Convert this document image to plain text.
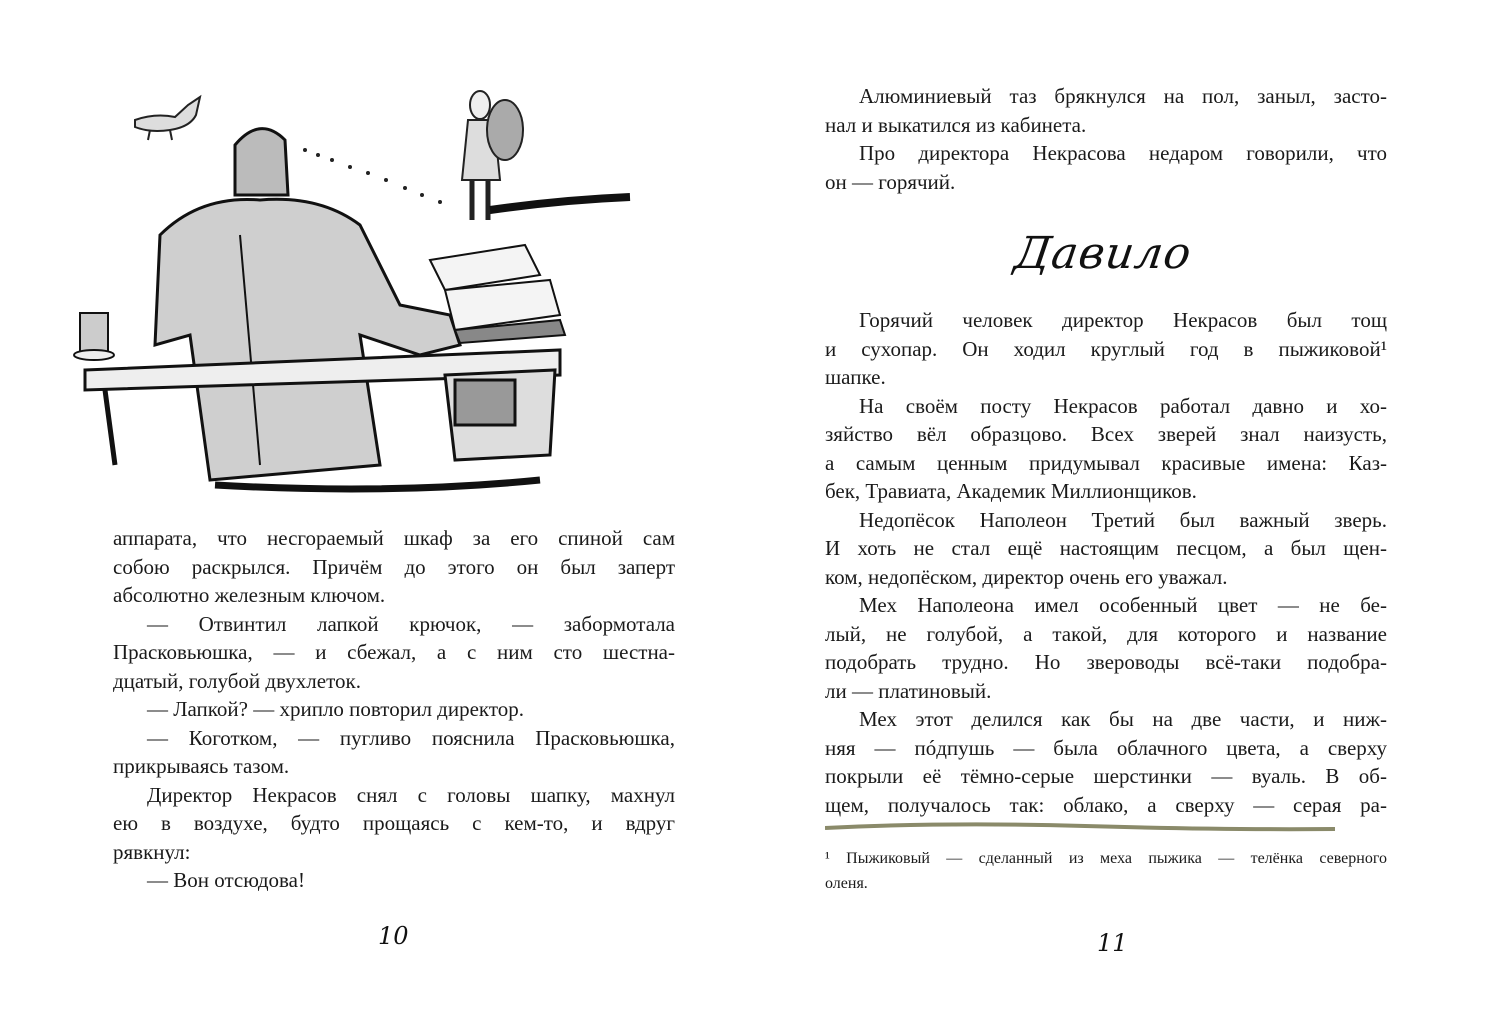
аппарата, что несгораемый шкаф за его спиной сам

собою раскрылся. Причём до этого он был заперт

абсолютно железным ключом.

— Отвинтил лапкой крючок, — забормотала

Прасковьюшка, — и сбежал, а с ним сто шестна-

дцатый, голубой двухлеток.

— Лапкой? — хрипло повторил директор.

— Коготком, — пугливо пояснила Прасковьюшка,

прикрываясь тазом.

Директор Некрасов снял с головы шапку, махнул

ею в воздухе, будто прощаясь с кем-то, и вдруг

рявкнул:

— Вон отсюдова!

Алюминиевый таз брякнулся на пол, заныл, засто-

нал и выкатился из кабинета.

Про директора Некрасова недаром говорили, что

он — горячий.

Давило

Горячий человек директор Некрасов был тощ

и сухопар. Он ходил круглый год в пыжиковой¹

шапке.

На своём посту Некрасов работал давно и хо-

зяйство вёл образцово. Всех зверей знал наизусть,

а самым ценным придумывал красивые имена: Каз-

бек, Травиата, Академик Миллионщиков.

Недопёсок Наполеон Третий был важный зверь.

И хоть не стал ещё настоящим песцом, а был щен-

ком, недопёском, директор очень его уважал.

Мех Наполеона имел особенный цвет — не бе-

лый, не голубой, а такой, для которого и название

подобрать трудно. Но звероводы всё-таки подобра-

ли — платиновый.

Мех этот делился как бы на две части, и ниж-

няя — пóдпушь — была облачного цвета, а сверху

покрыли её тёмно-серые шерстинки — вуаль. В об-

щем, получалось так: облако, а сверху — серая ра-

¹ Пыжиковый — сделанный из меха пыжика — телёнка северного

оленя.

10	11
